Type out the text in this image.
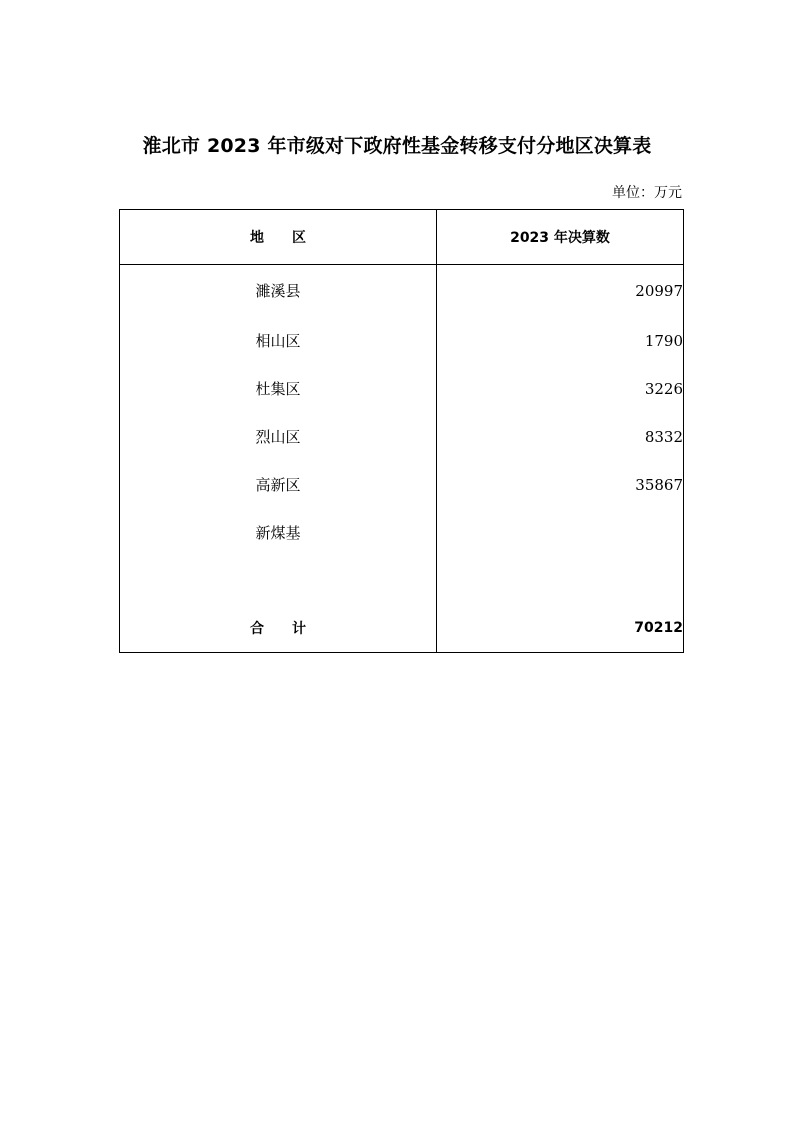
淮北市 2023 年市级对下政府性基金转移支付分地区决算表
单位：万元
地　　区	2023 年决算数
濉溪县	20997
相山区	1790
杜集区	3226
烈山区	8332
高新区	35867
新煤基	

合　　计	70212
